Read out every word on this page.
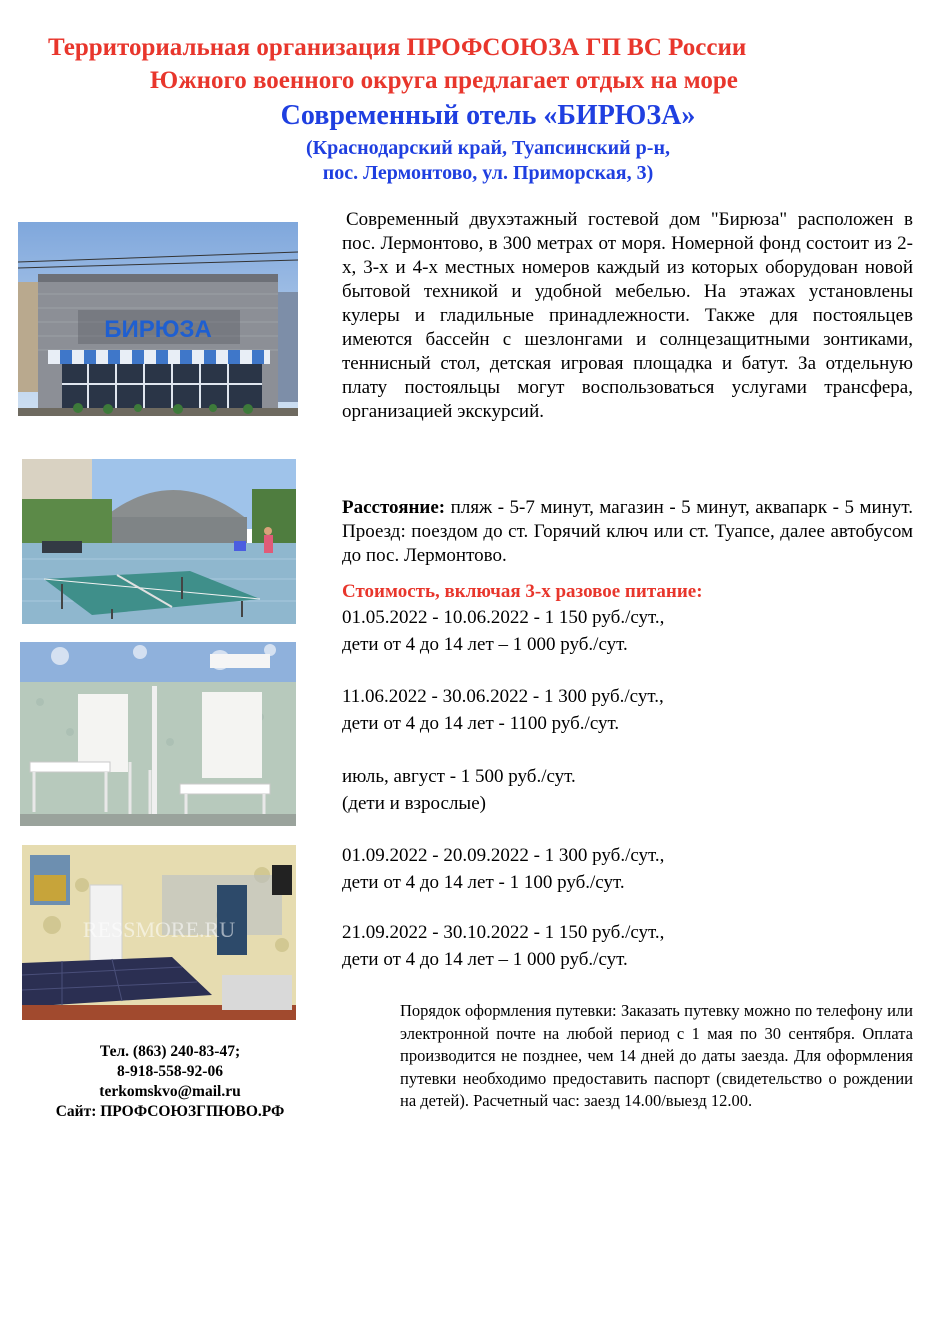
Территориальная организация ПРОФСОЮЗА ГП ВС России
Южного военного округа предлагает отдых на море
Современный отель «БИРЮЗА»
(Краснодарский край, Туапсинский р-н,
пос. Лермонтово, ул. Приморская, 3)
БИРЮЗА
RESSMORE.RU
Современный двухэтажный гостевой дом "Бирюза" расположен в пос. Лермонтово, в 300 метрах от моря. Номерной фонд состоит из 2-х, 3-х и 4-х местных номеров каждый из которых оборудован новой бытовой техникой и удобной мебелью. На этажах установлены кулеры и гладильные принадлежности. Также для постояльцев имеются бассейн с шезлонгами и солнцезащитными зонтиками, теннисный стол, детская игровая площадка и батут. За отдельную плату постояльцы могут воспользоваться услугами трансфера, организацией экскурсий.
Расстояние: пляж - 5-7 минут, магазин - 5 минут, аквапарк - 5 минут. Проезд: поездом до ст. Горячий ключ или ст. Туапсе, далее автобусом до пос. Лермонтово.
Стоимость, включая 3-х разовое питание:
01.05.2022 - 10.06.2022 - 1 150 руб./сут.,
дети от 4 до 14 лет – 1 000 руб./сут.
11.06.2022 - 30.06.2022 - 1 300 руб./сут.,
дети от 4 до 14 лет - 1100 руб./сут.
июль, август - 1 500 руб./сут.
(дети и взрослые)
01.09.2022 - 20.09.2022 - 1 300 руб./сут.,
дети от 4 до 14 лет - 1 100 руб./сут.
21.09.2022 - 30.10.2022 - 1 150 руб./сут.,
дети от 4 до 14 лет – 1 000 руб./сут.
Порядок оформления путевки: Заказать путевку можно по телефону или электронной почте на любой период с 1 мая по 30 сентября. Оплата производится не позднее, чем 14 дней до даты заезда. Для оформления путевки необходимо предоставить паспорт (свидетельство о рождении на детей). Расчетный час: заезд 14.00/выезд 12.00.
Тел. (863) 240-83-47;
8-918-558-92-06
terkomskvo@mail.ru
Сайт: ПРОФСОЮЗГПЮВО.РФ
